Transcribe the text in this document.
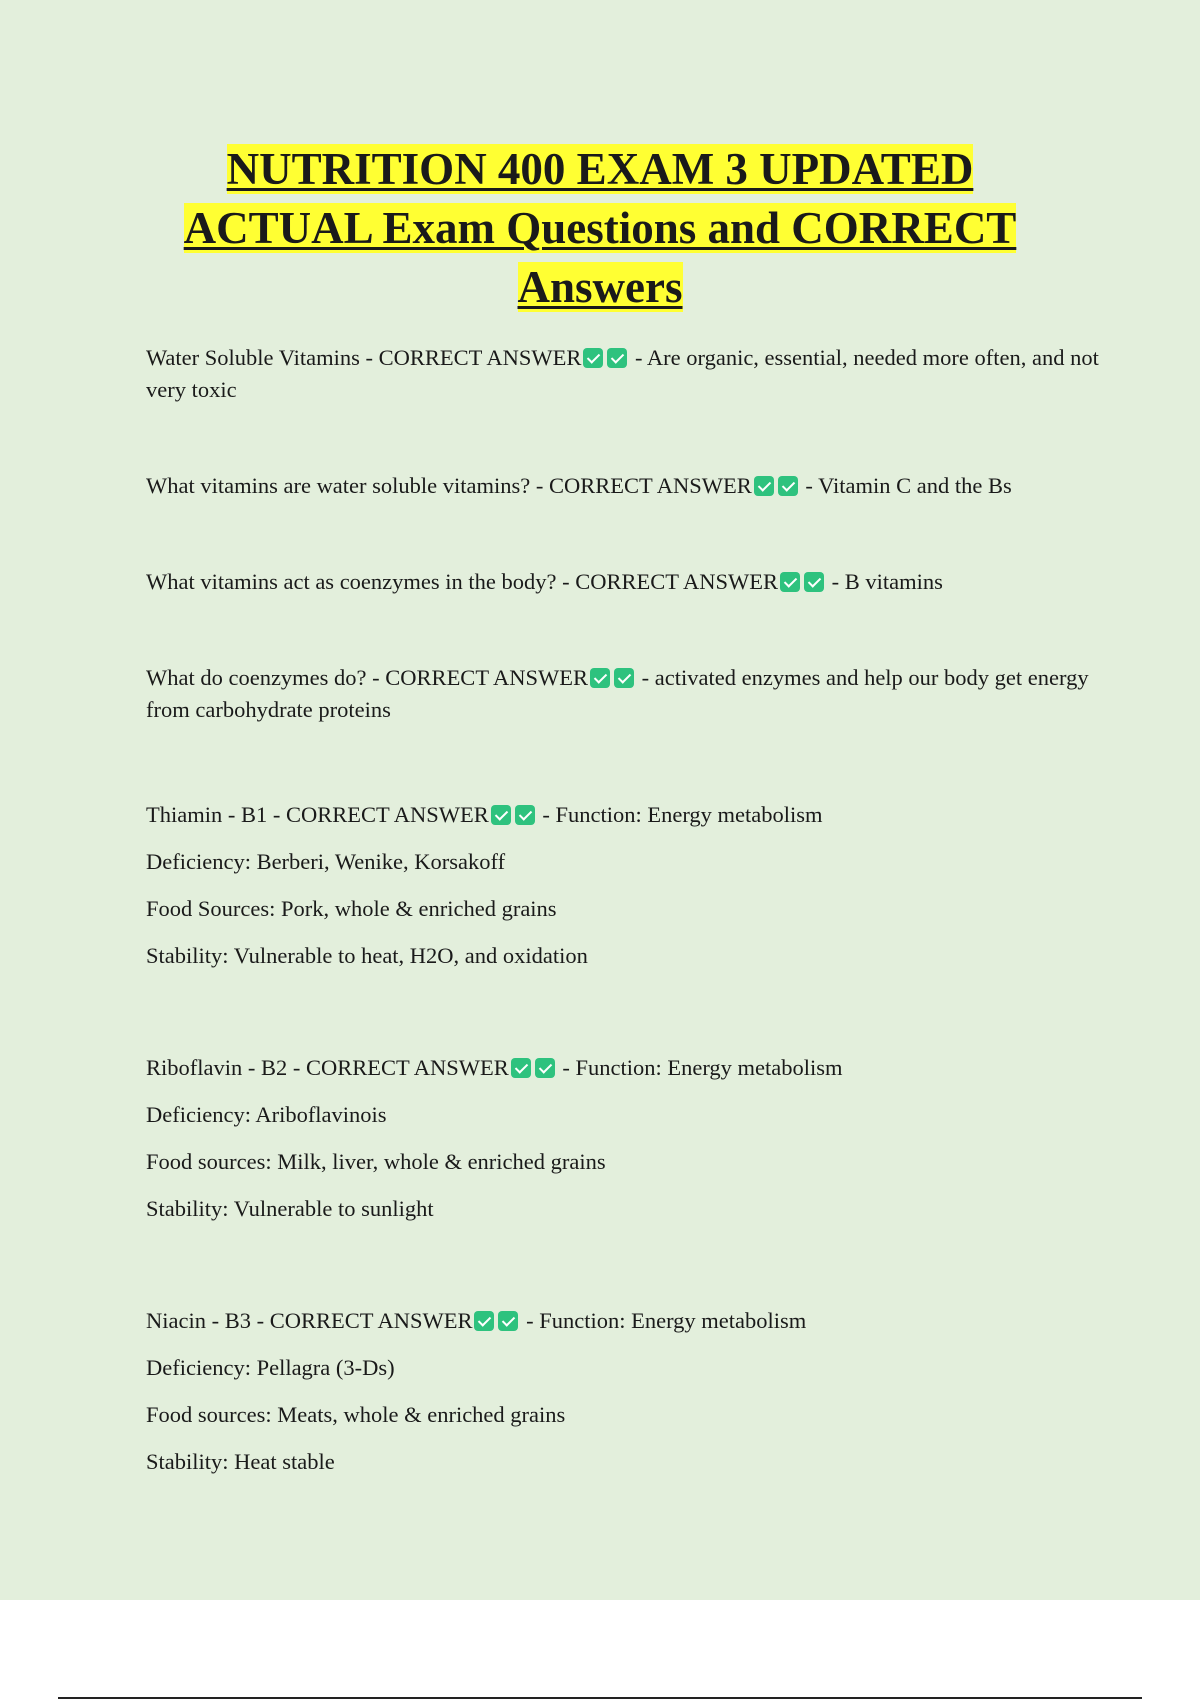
NUTRITION 400 EXAM 3 UPDATED
ACTUAL Exam Questions and CORRECT
Answers

Water Soluble Vitamins - CORRECT ANSWER - Are organic, essential, needed more often, and not very toxic

What vitamins are water soluble vitamins? - CORRECT ANSWER - Vitamin C and the Bs

What vitamins act as coenzymes in the body? - CORRECT ANSWER - B vitamins

What do coenzymes do? - CORRECT ANSWER - activated enzymes and help our body get energy from carbohydrate proteins

Thiamin - B1 - CORRECT ANSWER - Function: Energy metabolism

Deficiency: Berberi, Wenike, Korsakoff

Food Sources: Pork, whole & enriched grains

Stability: Vulnerable to heat, H2O, and oxidation

Riboflavin - B2 - CORRECT ANSWER - Function: Energy metabolism

Deficiency: Ariboflavinois

Food sources: Milk, liver, whole & enriched grains

Stability: Vulnerable to sunlight

Niacin - B3 - CORRECT ANSWER - Function: Energy metabolism

Deficiency: Pellagra (3-Ds)

Food sources: Meats, whole & enriched grains

Stability: Heat stable
